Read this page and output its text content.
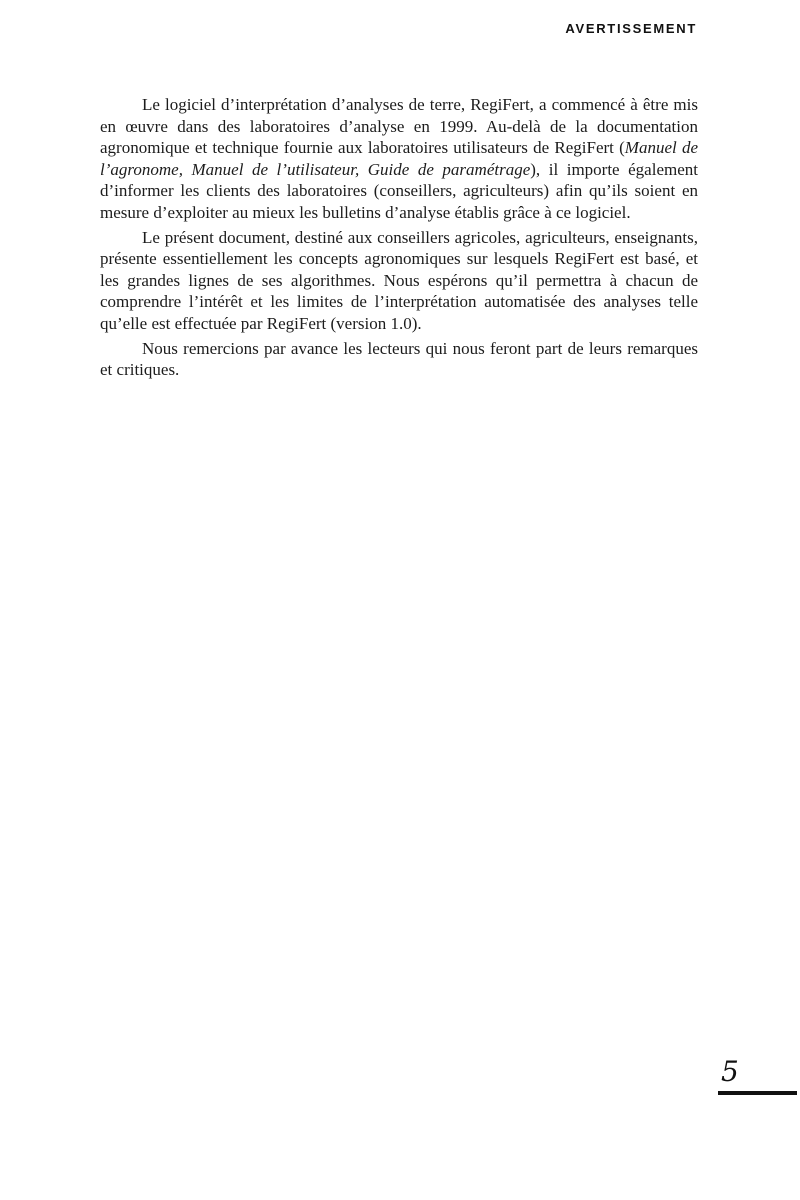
AVERTISSEMENT

Le logiciel d’interprétation d’analyses de terre, RegiFert, a commencé à être mis en œuvre dans des laboratoires d’analyse en 1999. Au-delà de la documentation agronomique et technique fournie aux laboratoires utilisateurs de RegiFert (Manuel de l’agronome, Manuel de l’utilisateur, Guide de paramétrage), il importe également d’informer les clients des laboratoires (conseillers, agriculteurs) afin qu’ils soient en mesure d’exploiter au mieux les bulletins d’analyse établis grâce à ce logiciel.

Le présent document, destiné aux conseillers agricoles, agriculteurs, enseignants, présente essentiellement les concepts agronomiques sur lesquels RegiFert est basé, et les grandes lignes de ses algorithmes. Nous espérons qu’il permettra à chacun de comprendre l’intérêt et les limites de l’interprétation automatisée des analyses telle qu’elle est effectuée par RegiFert (version 1.0).

Nous remercions par avance les lecteurs qui nous feront part de leurs remarques et critiques.

5
